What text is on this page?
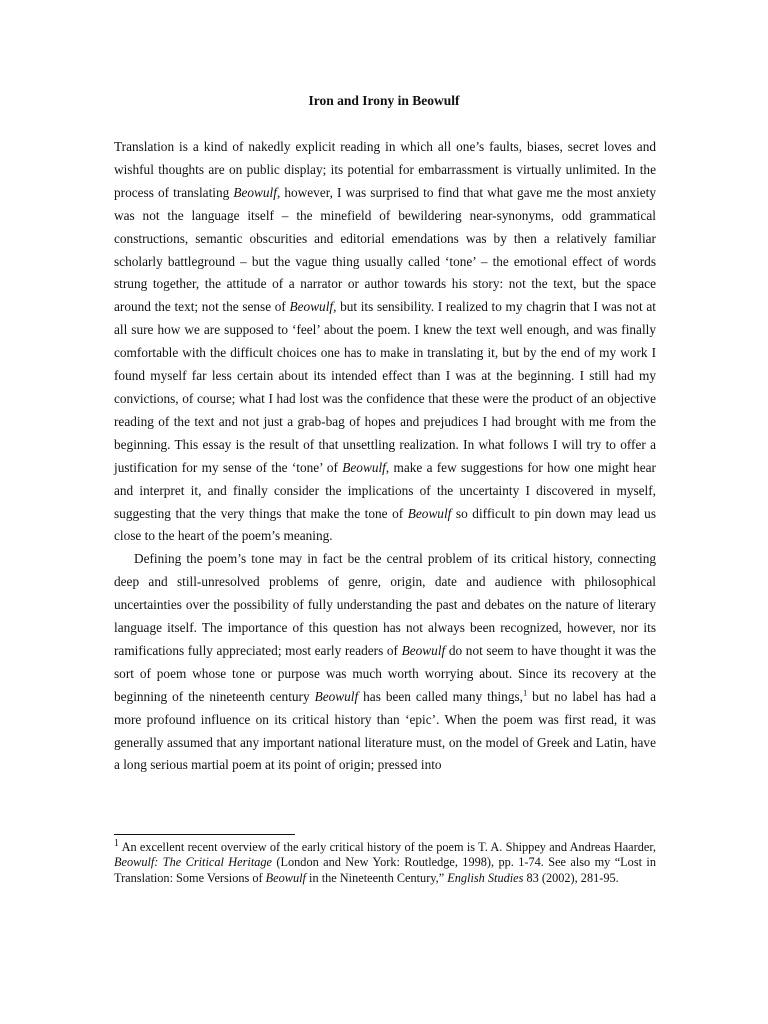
Iron and Irony in Beowulf

Translation is a kind of nakedly explicit reading in which all one’s faults, biases, secret loves and wishful thoughts are on public display; its potential for embarrassment is virtually unlimited. In the process of translating Beowulf, however, I was surprised to find that what gave me the most anxiety was not the language itself – the minefield of bewildering near-synonyms, odd grammatical constructions, semantic obscurities and editorial emendations was by then a relatively familiar scholarly battleground – but the vague thing usually called ‘tone’ – the emotional effect of words strung together, the attitude of a narrator or author towards his story: not the text, but the space around the text; not the sense of Beowulf, but its sensibility. I realized to my chagrin that I was not at all sure how we are supposed to ‘feel’ about the poem. I knew the text well enough, and was finally comfortable with the difficult choices one has to make in translating it, but by the end of my work I found myself far less certain about its intended effect than I was at the beginning. I still had my convictions, of course; what I had lost was the confidence that these were the product of an objective reading of the text and not just a grab-bag of hopes and prejudices I had brought with me from the beginning. This essay is the result of that unsettling realization. In what follows I will try to offer a justification for my sense of the ‘tone’ of Beowulf, make a few suggestions for how one might hear and interpret it, and finally consider the implications of the uncertainty I discovered in myself, suggesting that the very things that make the tone of Beowulf so difficult to pin down may lead us close to the heart of the poem’s meaning.

Defining the poem’s tone may in fact be the central problem of its critical history, connecting deep and still-unresolved problems of genre, origin, date and audience with philosophical uncertainties over the possibility of fully understanding the past and debates on the nature of literary language itself. The importance of this question has not always been recognized, however, nor its ramifications fully appreciated; most early readers of Beowulf do not seem to have thought it was the sort of poem whose tone or purpose was much worth worrying about. Since its recovery at the beginning of the nineteenth century Beowulf has been called many things,$^1$ but no label has had a more profound influence on its critical history than ‘epic’. When the poem was first read, it was generally assumed that any important national literature must, on the model of Greek and Latin, have a long serious martial poem at its point of origin; pressed into

$^1$ An excellent recent overview of the early critical history of the poem is T. A. Shippey and Andreas Haarder, Beowulf: The Critical Heritage (London and New York: Routledge, 1998), pp. 1-74. See also my “Lost in Translation: Some Versions of Beowulf in the Nineteenth Century,” English Studies 83 (2002), 281-95.
